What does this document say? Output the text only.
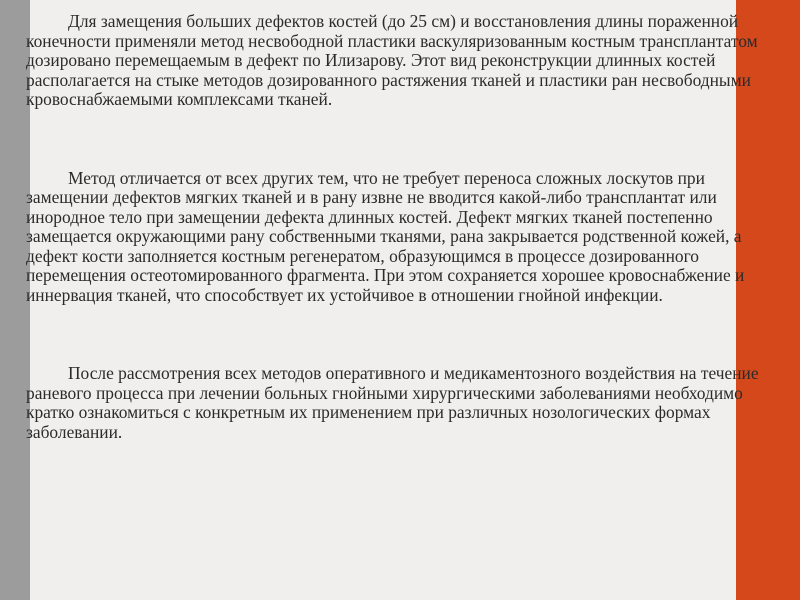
Для замещения больших дефектов костей (до 25 см) и восстановления длины пораженной конечности применяли метод несвободной пластики васкуляризованным костным трансплантатом дозировано перемещаемым в дефект по Илизарову. Этот вид реконструкции длинных костей располагается на стыке методов дозированного растяжения тканей и пластики ран несвободными кровоснабжаемыми комплексами тканей.

Метод отличается от всех других тем, что не требует переноса сложных лоскутов при замещении дефектов мягких тканей и в рану извне не вводится какой-либо трансплантат или инородное тело при замещении дефекта длинных костей. Дефект мягких тканей постепенно замещается окружающими рану собственными тканями, рана закрывается родственной кожей, а дефект кости заполняется костным регенератом, образующимся в процессе дозированного перемещения остеотомированного фрагмента. При этом сохраняется хорошее кровоснабжение и иннервация тканей, что способствует их устойчивое в отношении гнойной инфекции.

После рассмотрения всех методов оперативного и медикаментозного воздействия на течение раневого процесса при лечении больных гнойными хирургическими заболеваниями необходимо кратко ознакомиться с конкретным их применением при различных нозологических формах заболевании.
